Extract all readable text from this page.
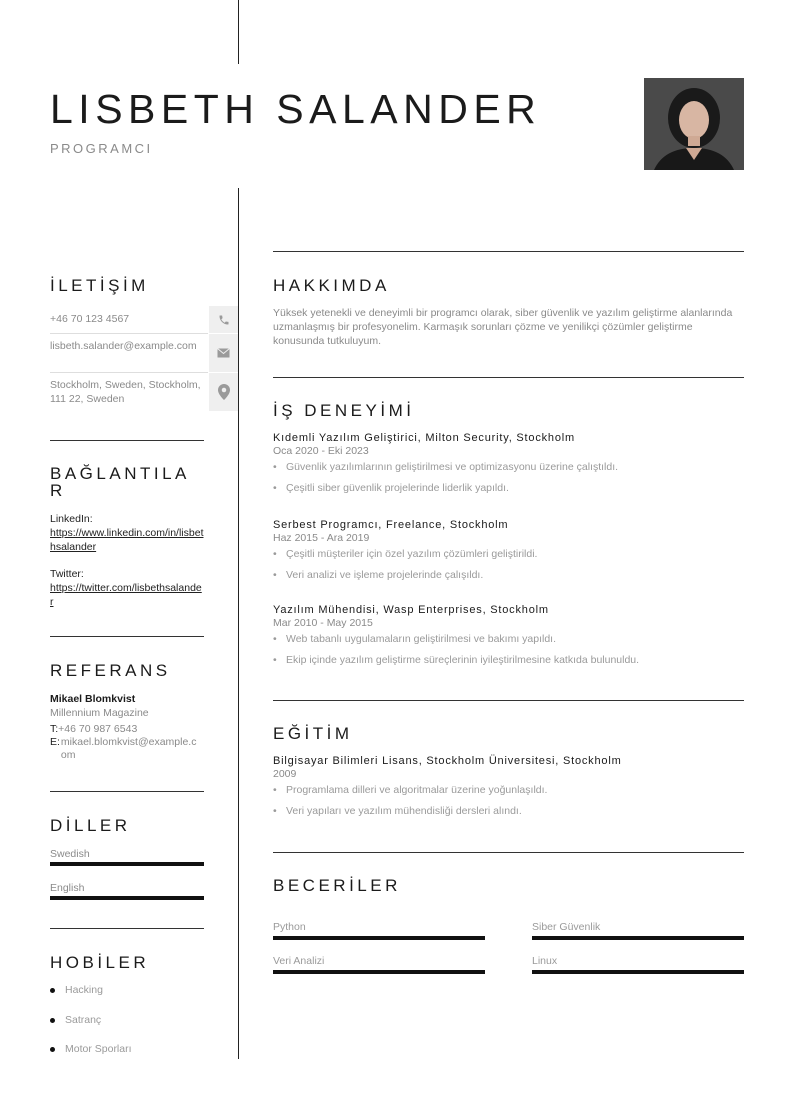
LISBETH SALANDER
PROGRAMCI
İLETİŞİM
+46 70 123 4567
lisbeth.salander@example.com
Stockholm, Sweden, Stockholm, 111 22, Sweden
BAĞLANTILAR
LinkedIn:
https://www.linkedin.com/in/lisbethsalander
Twitter:
https://twitter.com/lisbethsalander
REFERANS
Mikael Blomkvist
Millennium Magazine
T:+46 70 987 6543
E: mikael.blomkvist@example.com
DİLLER
Swedish
English
HOBİLER
Hacking
Satranç
Motor Sporları
HAKKIMDA
Yüksek yetenekli ve deneyimli bir programcı olarak, siber güvenlik ve yazılım geliştirme alanlarında uzmanlaşmış bir profesyonelim. Karmaşık sorunları çözme ve yenilikçi çözümler geliştirme konusunda tutkuluyum.
İŞ DENEYİMİ
Kıdemli Yazılım Geliştirici, Milton Security, Stockholm
Oca 2020 - Eki 2023
• Güvenlik yazılımlarının geliştirilmesi ve optimizasyonu üzerine çalıştıldı.
• Çeşitli siber güvenlik projelerinde liderlik yapıldı.
Serbest Programcı, Freelance, Stockholm
Haz 2015 - Ara 2019
• Çeşitli müşteriler için özel yazılım çözümleri geliştirildi.
• Veri analizi ve işleme projelerinde çalışıldı.
Yazılım Mühendisi, Wasp Enterprises, Stockholm
Mar 2010 - May 2015
• Web tabanlı uygulamaların geliştirilmesi ve bakımı yapıldı.
• Ekip içinde yazılım geliştirme süreçlerinin iyileştirilmesine katkıda bulunuldu.
EĞİTİM
Bilgisayar Bilimleri Lisans, Stockholm Üniversitesi, Stockholm
2009
• Programlama dilleri ve algoritmalar üzerine yoğunlaşıldı.
• Veri yapıları ve yazılım mühendisliği dersleri alındı.
BECERİLER
Python	Siber Güvenlik
Veri Analizi	Linux
